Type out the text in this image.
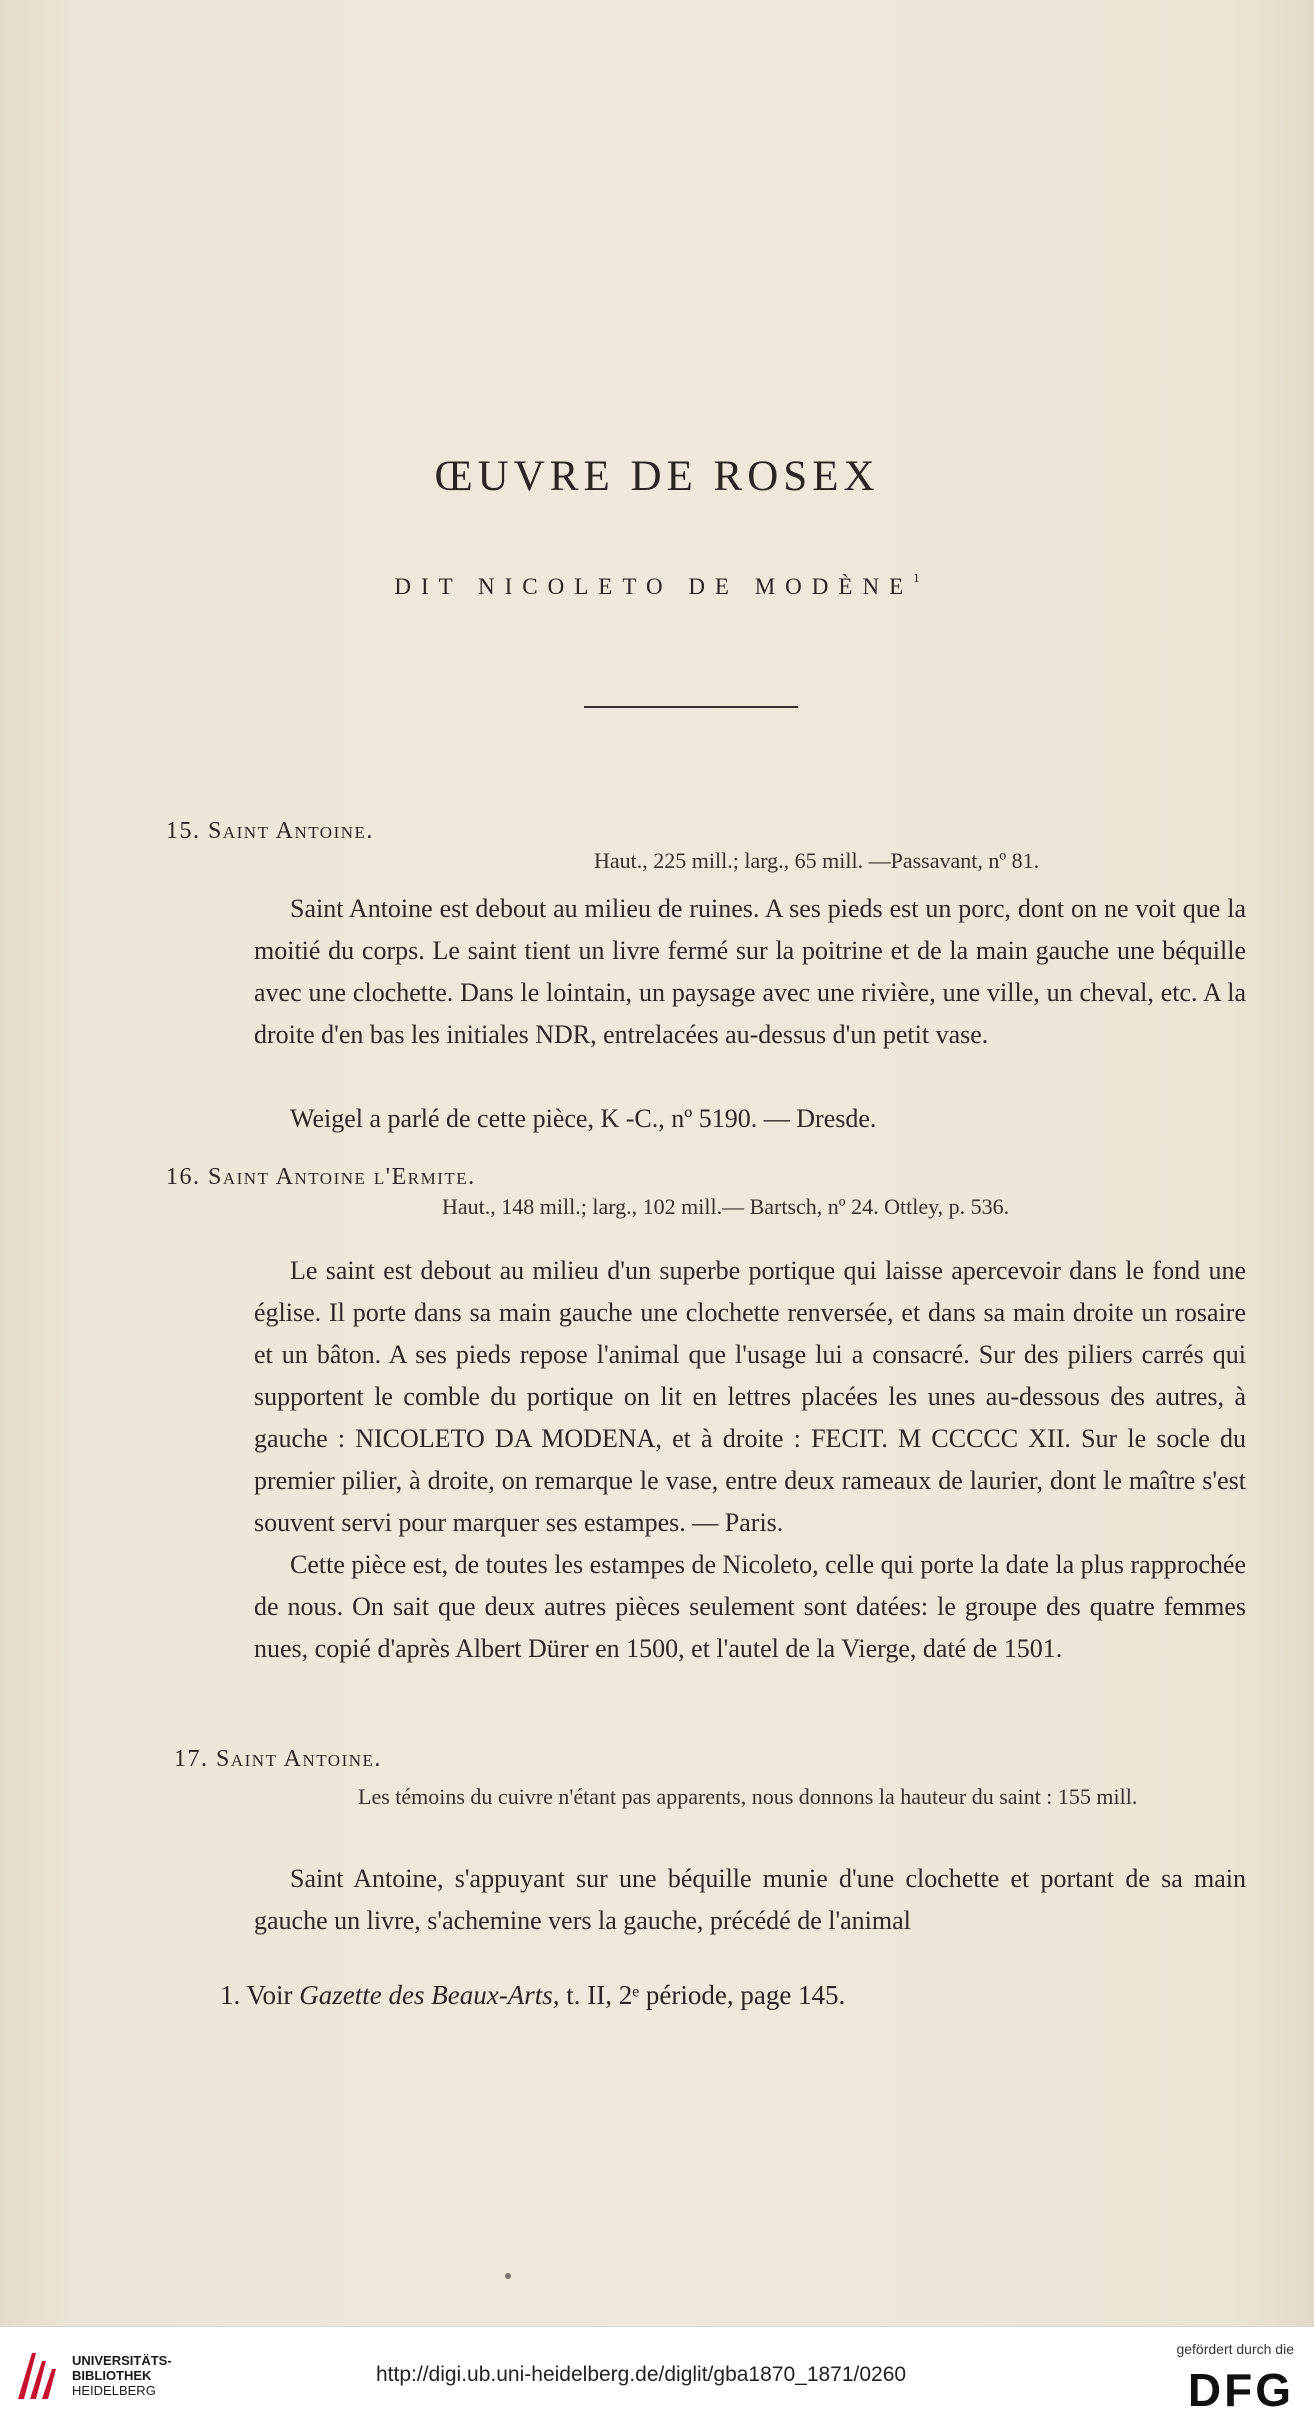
ŒUVRE DE ROSEX
DIT NICOLETO DE MODÈNE$^1$
15. Saint Antoine.
Haut., 225 mill.; larg., 65 mill. —Passavant, nº 81.
Saint Antoine est debout au milieu de ruines. A ses pieds est un porc, dont on ne voit que la moitié du corps. Le saint tient un livre fermé sur la poitrine et de la main gauche une béquille avec une clochette. Dans le lointain, un paysage avec une rivière, une ville, un cheval, etc. A la droite d'en bas les initiales NDR, entrelacées au-dessus d'un petit vase.
Weigel a parlé de cette pièce, K -C., nº 5190. — Dresde.
16. Saint Antoine l'Ermite.
Haut., 148 mill.; larg., 102 mill.— Bartsch, nº 24. Ottley, p. 536.
Le saint est debout au milieu d'un superbe portique qui laisse apercevoir dans le fond une église. Il porte dans sa main gauche une clochette renversée, et dans sa main droite un rosaire et un bâton. A ses pieds repose l'animal que l'usage lui a consacré. Sur des piliers carrés qui supportent le comble du portique on lit en lettres placées les unes au-dessous des autres, à gauche : NICOLETO DA MODENA, et à droite : FECIT. M CCCCC XII. Sur le socle du premier pilier, à droite, on remarque le vase, entre deux rameaux de laurier, dont le maître s'est souvent servi pour marquer ses estampes. — Paris.
Cette pièce est, de toutes les estampes de Nicoleto, celle qui porte la date la plus rapprochée de nous. On sait que deux autres pièces seulement sont datées: le groupe des quatre femmes nues, copié d'après Albert Dürer en 1500, et l'autel de la Vierge, daté de 1501.
17. Saint Antoine.
Les témoins du cuivre n'étant pas apparents, nous donnons la hauteur du saint : 155 mill.
Saint Antoine, s'appuyant sur une béquille munie d'une clochette et portant de sa main gauche un livre, s'achemine vers la gauche, précédé de l'animal
1. Voir Gazette des Beaux-Arts, t. II, 2ᵉ période, page 145.
UNIVERSITÄTS-
BIBLIOTHEK
HEIDELBERG
http://digi.ub.uni-heidelberg.de/diglit/gba1870_1871/0260
gefördert durch die
DFG
